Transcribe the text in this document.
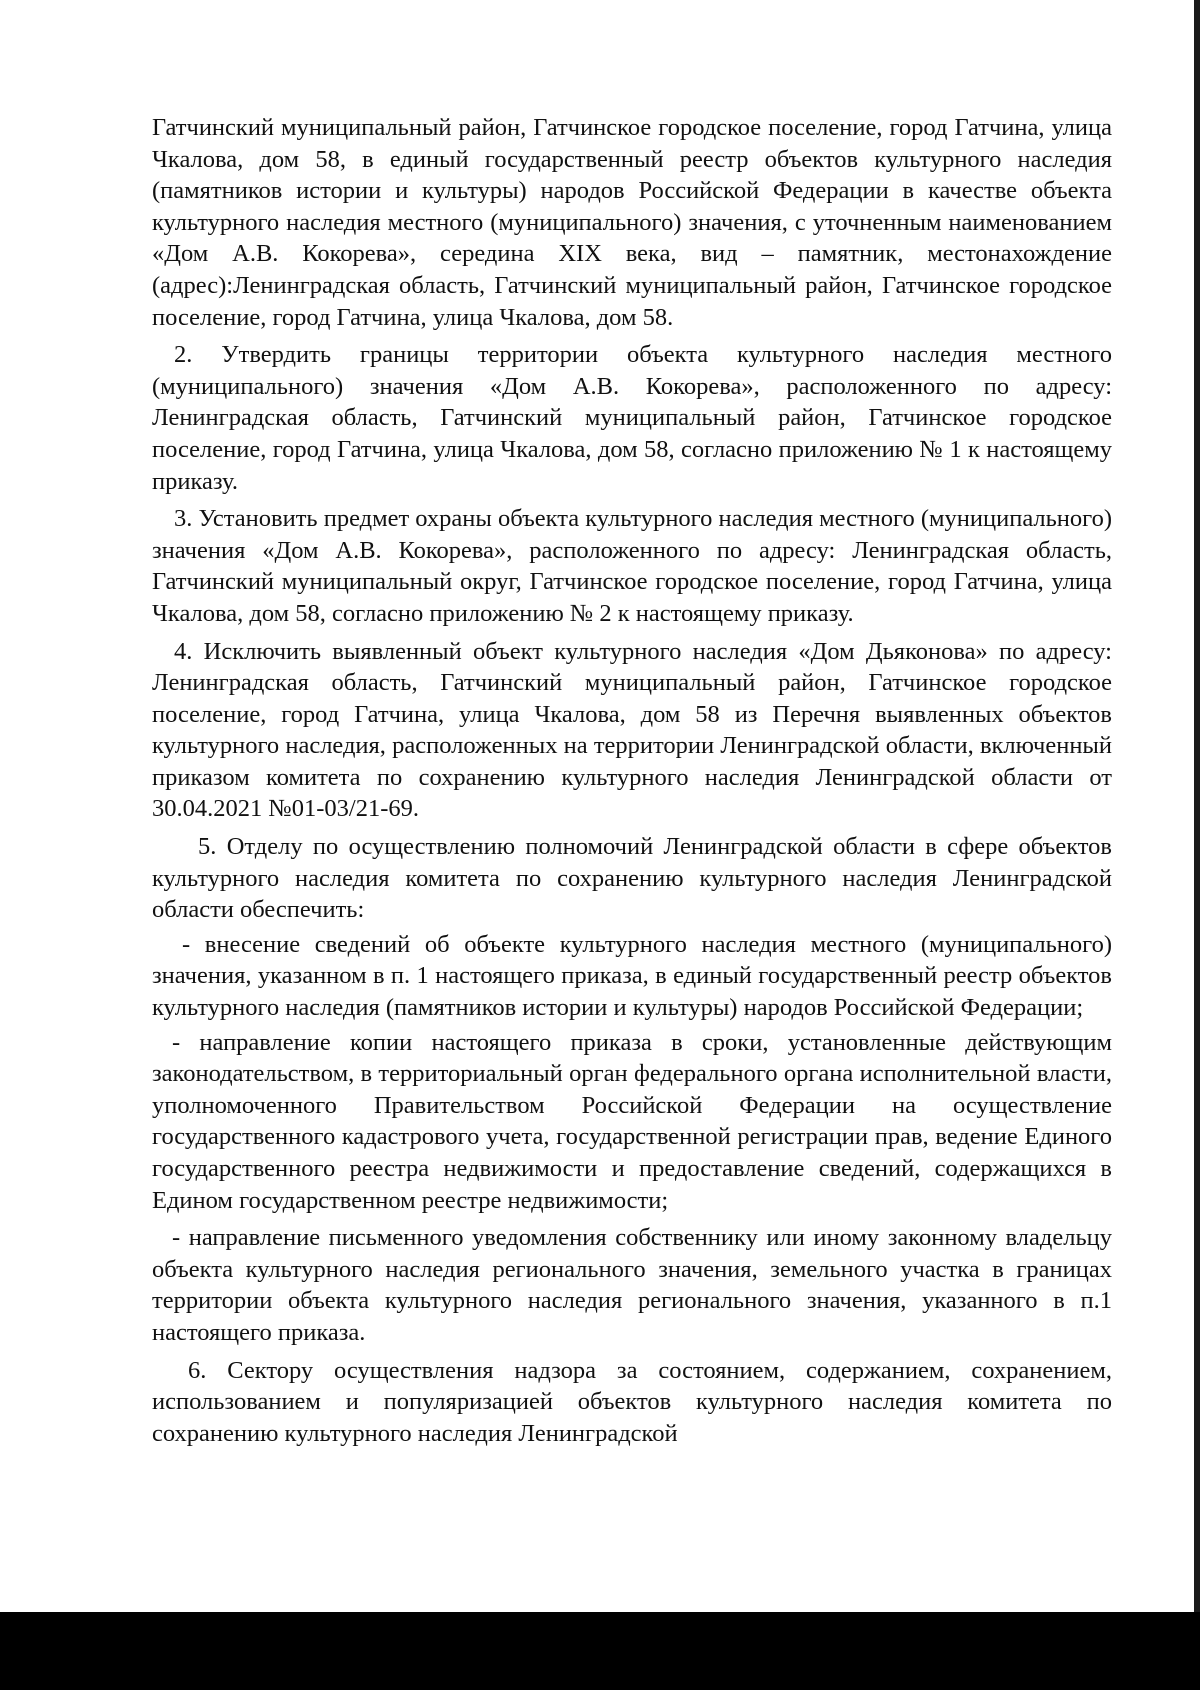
Гатчинский муниципальный район, Гатчинское городское поселение, город Гатчина, улица Чкалова, дом 58, в единый государственный реестр объектов культурного наследия (памятников истории и культуры) народов Российской Федерации в качестве объекта культурного наследия местного (муниципального) значения, с уточненным наименованием «Дом А.В. Кокорева», середина XIX века, вид – памятник, местонахождение (адрес):Ленинградская область, Гатчинский муниципальный район, Гатчинское городское поселение, город Гатчина, улица Чкалова, дом 58.

2. Утвердить границы территории объекта культурного наследия местного (муниципального) значения «Дом А.В. Кокорева», расположенного по адресу: Ленинградская область, Гатчинский муниципальный район, Гатчинское городское поселение, город Гатчина, улица Чкалова, дом 58, согласно приложению № 1 к настоящему приказу.

3. Установить предмет охраны объекта культурного наследия местного (муниципального) значения «Дом А.В. Кокорева», расположенного по адресу: Ленинградская область, Гатчинский муниципальный округ, Гатчинское городское поселение, город Гатчина, улица Чкалова, дом 58, согласно приложению № 2 к настоящему приказу.

4. Исключить выявленный объект культурного наследия «Дом Дьяконова» по адресу: Ленинградская область, Гатчинский муниципальный район, Гатчинское городское поселение, город Гатчина, улица Чкалова, дом 58 из Перечня выявленных объектов культурного наследия, расположенных на территории Ленинградской области, включенный приказом комитета по сохранению культурного наследия Ленинградской области от 30.04.2021 №01-03/21-69.

5. Отделу по осуществлению полномочий Ленинградской области в сфере объектов культурного наследия комитета по сохранению культурного наследия Ленинградской области обеспечить:

- внесение сведений об объекте культурного наследия местного (муниципального) значения, указанном в п. 1 настоящего приказа, в единый государственный реестр объектов культурного наследия (памятников истории и культуры) народов Российской Федерации;

- направление копии настоящего приказа в сроки, установленные действующим законодательством, в территориальный орган федерального органа исполнительной власти, уполномоченного Правительством Российской Федерации на осуществление государственного кадастрового учета, государственной регистрации прав, ведение Единого государственного реестра недвижимости и предоставление сведений, содержащихся в Едином государственном реестре недвижимости;

- направление письменного уведомления собственнику или иному законному владельцу объекта культурного наследия регионального значения, земельного участка в границах территории объекта культурного наследия регионального значения, указанного в п.1 настоящего приказа.

6. Сектору осуществления надзора за состоянием, содержанием, сохранением, использованием и популяризацией объектов культурного наследия комитета по сохранению культурного наследия Ленинградской
